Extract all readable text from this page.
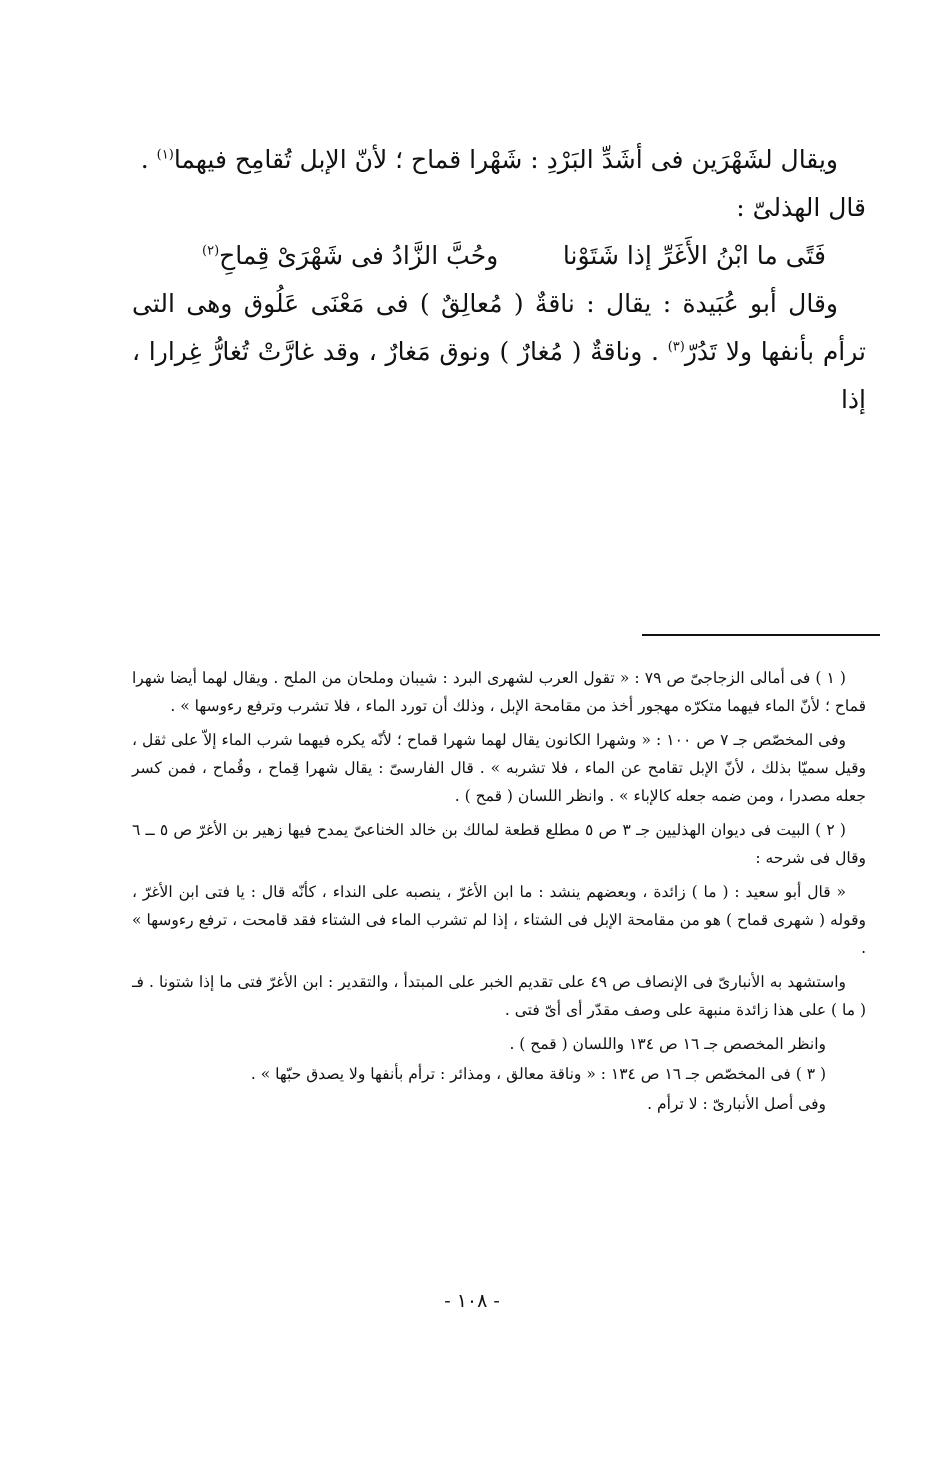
ويقال لشَهْرَين فى أشَدِّ البَرْدِ : شَهْرا قماح ؛ لأنّ الإبل تُقامِح فيهما$^{(١)}$ .

قال الهذلىّ :

فَتًى ما ابْنُ الأَغَرِّ إذا شَتَوْنا
وحُبَّ الزَّادُ فى شَهْرَىْ قِماحِ$^{(٢)}$

وقال أبو عُبَيدة : يقال : ناقةٌ ( مُعالِقٌ ) فى مَعْنَى عَلُوق وهى التى ترأم بأنفها ولا تَدُرّ$^{(٣)}$ . وناقةٌ ( مُغارٌ ) ونوق مَغارٌ ، وقد غارَّتْ تُغارُّ غِرارا ، إذا

( ١ ) فى أمالى الزجاجىّ ص ٧٩ : « تقول العرب لشهرى البرد : شيبان وملحان من الملح . ويقال لهما أيضا شهرا قماح ؛ لأنّ الماء فيهما متكرّه مهجور أخذ من مقامحة الإبل ، وذلك أن تورد الماء ، فلا تشرب وترفع رءوسها » .

وفى المخصّص جـ ٧ ص ١٠٠ : « وشهرا الكانون يقال لهما شهرا قماح ؛ لأنّه يكره فيهما شرب الماء إلاّ على ثقل ، وقيل سميّا بذلك ، لأنّ الإبل تقامح عن الماء ، فلا تشربه » . قال الفارسىّ : يقال شهرا قِماح ، وقُماح ، فمن كسر جعله مصدرا ، ومن ضمه جعله كالإباء » . وانظر اللسان ( قمح ) .

( ٢ ) البيت فى ديوان الهذليين جـ ٣ ص ٥ مطلع قطعة لمالك بن خالد الخناعىّ يمدح فيها زهير بن الأغرّ ص ٥ ــ ٦ وقال فى شرحه :

« قال أبو سعيد : ( ما ) زائدة ، وبعضهم ينشد : ما ابن الأغرّ ، ينصبه على النداء ، كأنّه قال : يا فتى ابن الأغرّ ، وقوله ( شهرى قماح ) هو من مقامحة الإبل فى الشتاء ، إذا لم تشرب الماء فى الشتاء فقد قامحت ، ترفع رءوسها » .

واستشهد به الأنبارىّ فى الإنصاف ص ٤٩ على تقديم الخبر على المبتدأ ، والتقدير : ابن الأغرّ فتى ما إذا شتونا . فـ ( ما ) على هذا زائدة منبهة على وصف مقدّر أى أىّ فتى .

وانظر المخصص جـ ١٦ ص ١٣٤ واللسان ( قمح ) .

( ٣ ) فى المخصّص جـ ١٦ ص ١٣٤ : « وناقة معالق ، ومذائر : ترأم بأنفها ولا يصدق حبّها » .

وفى أصل الأنبارىّ : لا ترأم .

- ١٠٨ -
